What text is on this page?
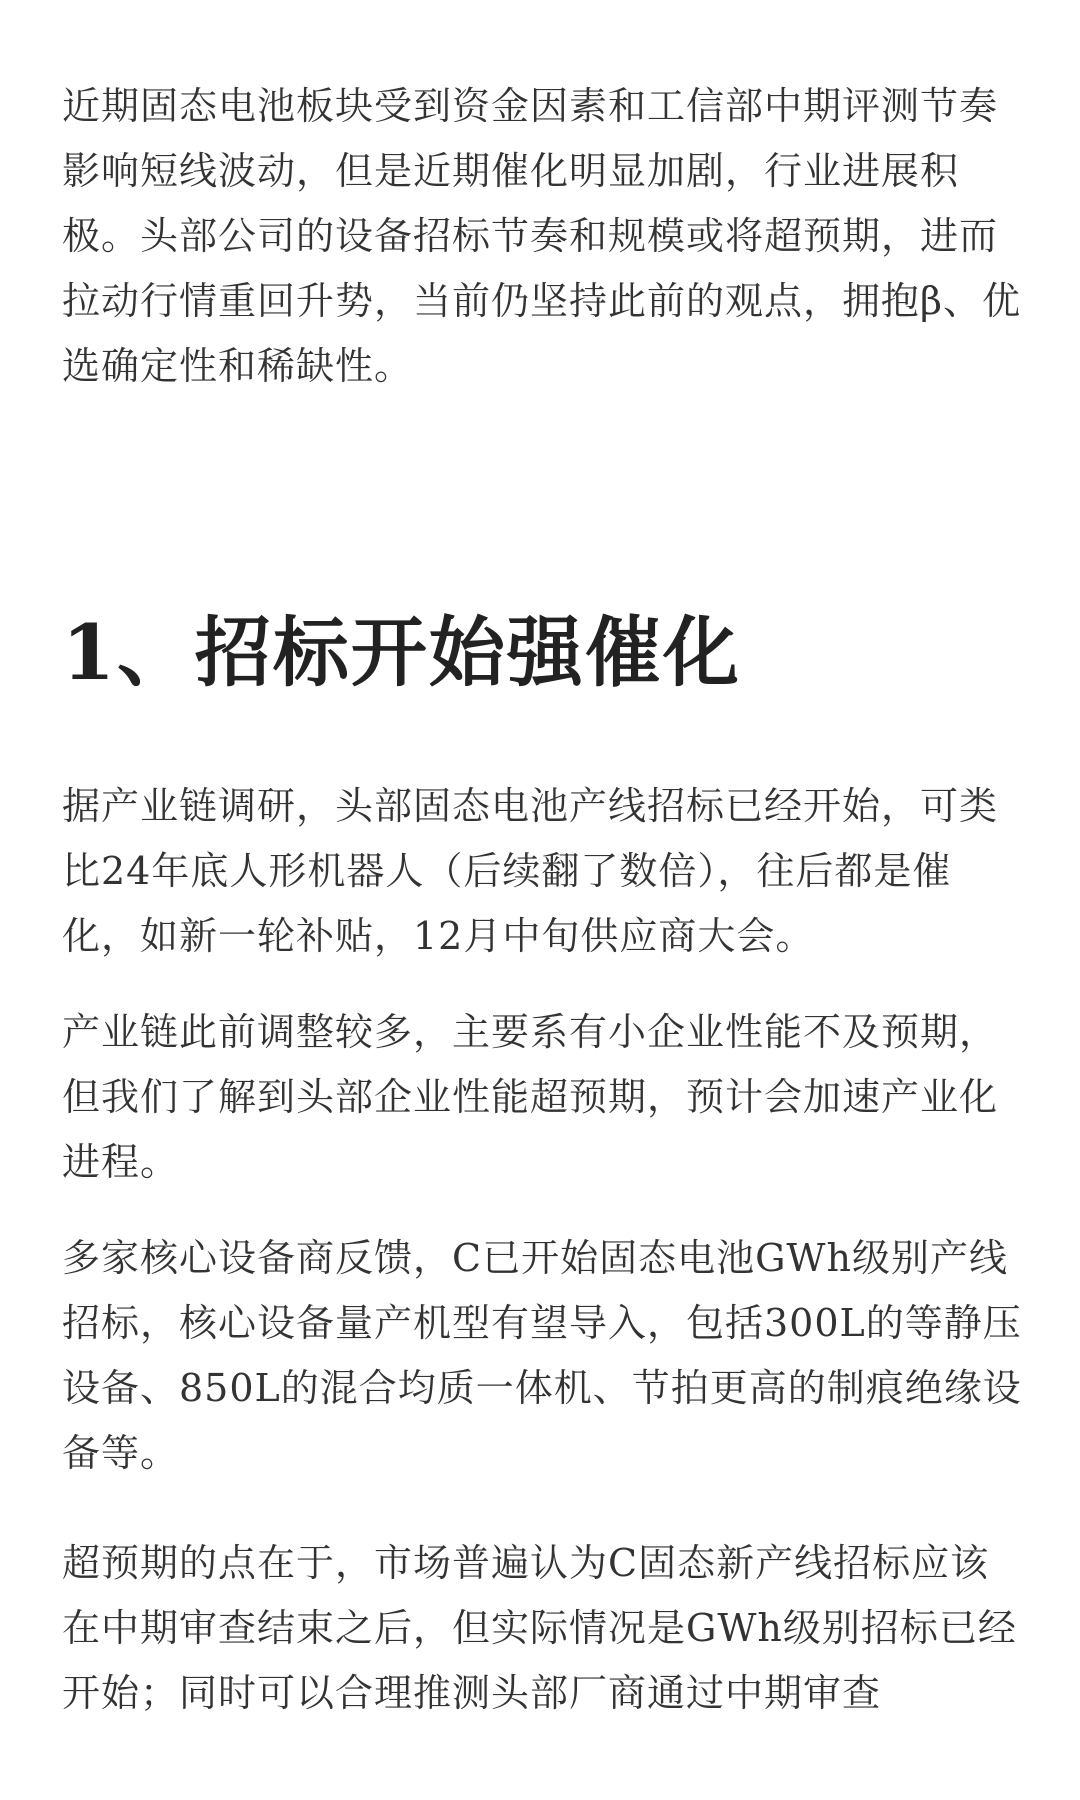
近期固态电池板块受到资金因素和工信部中期评测节奏影响短线波动，但是近期催化明显加剧，行业进展积极。头部公司的设备招标节奏和规模或将超预期，进而拉动行情重回升势，当前仍坚持此前的观点，拥抱β、优选确定性和稀缺性。

1、招标开始强催化

据产业链调研，头部固态电池产线招标已经开始，可类比24年底人形机器人（后续翻了数倍），往后都是催化，如新一轮补贴，12月中旬供应商大会。

产业链此前调整较多，主要系有小企业性能不及预期，但我们了解到头部企业性能超预期，预计会加速产业化进程。

多家核心设备商反馈，C已开始固态电池GWh级别产线招标，核心设备量产机型有望导入，包括300L的等静压设备、850L的混合均质一体机、节拍更高的制痕绝缘设备等。

超预期的点在于，市场普遍认为C固态新产线招标应该在中期审查结束之后，但实际情况是GWh级别招标已经开始；同时可以合理推测头部厂商通过中期审查
